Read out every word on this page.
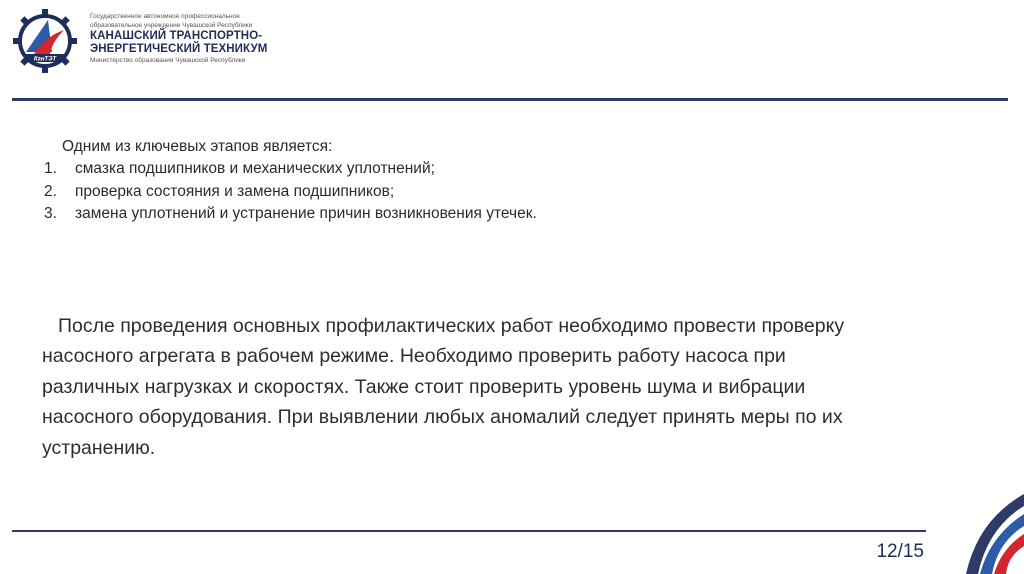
КанТЭТ
Государственное автономное профессиональное
образовательное учреждение Чувашской Республики
КАНАШСКИЙ ТРАНСПОРТНО-
ЭНЕРГЕТИЧЕСКИЙ ТЕХНИКУМ
Министерство образования Чувашской Республики
Одним из ключевых этапов является:
1. смазка подшипников и механических уплотнений;
2. проверка состояния и замена подшипников;
3. замена уплотнений и устранение причин возникновения утечек.

После проведения основных профилактических работ необходимо провести проверку насосного агрегата в рабочем режиме. Необходимо проверить работу насоса при различных нагрузках и скоростях. Также стоит проверить уровень шума и вибрации насосного оборудования. При выявлении любых аномалий следует принять меры по их устранению.

12/15
